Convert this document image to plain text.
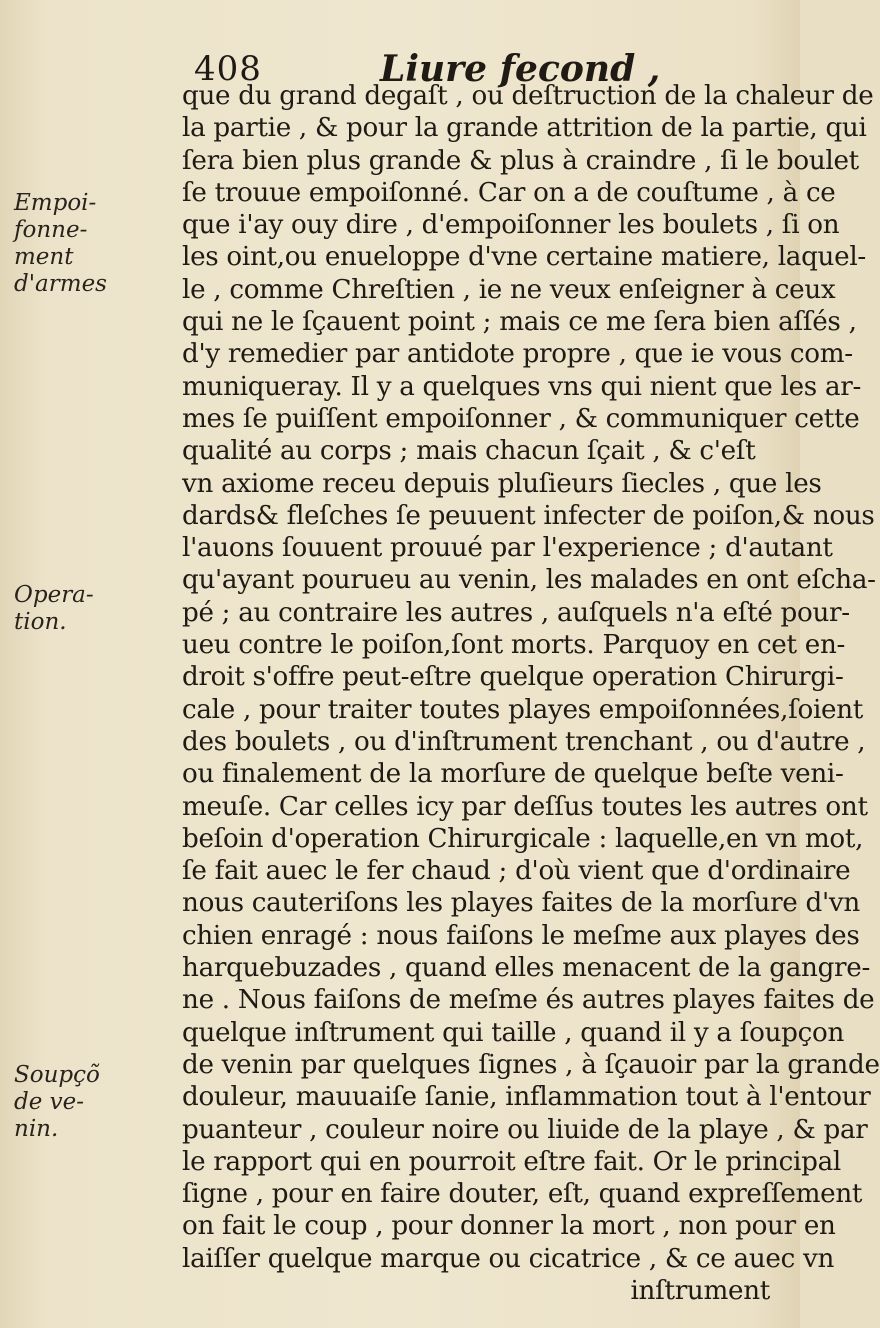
408	Liure fecond ,
Empoi-
fonne-
ment
d'armes
Opera-
tion.
Soupçõ
de ve-
nin.
que du grand degaſt , ou deſtruction de la chaleur de
la partie , & pour la grande attrition de la partie, qui
ſera bien plus grande & plus à craindre , ſi le boulet
ſe trouue empoiſonné. Car on a de couſtume , à ce
que i'ay ouy dire , d'empoiſonner les boulets , ſi on
les oint,ou enueloppe d'vne certaine matiere, laquel-
le , comme Chreſtien , ie ne veux enſeigner à ceux
qui ne le ſçauent point ; mais ce me ſera bien aſſés ,
d'y remedier par antidote propre , que ie vous com-
muniqueray. Il y a quelques vns qui nient que les ar-
mes ſe puiſſent empoiſonner , & communiquer cette
qualité au corps ; mais chacun ſçait , & c'eſt
vn axiome receu depuis pluſieurs ſiecles , que les
dards& fleſches ſe peuuent infecter de poiſon,& nous
l'auons ſouuent prouué par l'experience ; d'autant
qu'ayant pourueu au venin, les malades en ont eſcha-
pé ; au contraire les autres , auſquels n'a eſté pour-
ueu contre le poiſon,ſont morts. Parquoy en cet en-
droit s'offre peut-eſtre quelque operation Chirurgi-
cale , pour traiter toutes playes empoiſonnées,ſoient
des boulets , ou d'inſtrument trenchant , ou d'autre ,
ou finalement de la morſure de quelque beſte veni-
meuſe. Car celles icy par deſſus toutes les autres ont
beſoin d'operation Chirurgicale : laquelle,en vn mot,
ſe fait auec le fer chaud ; d'où vient que d'ordinaire
nous cauteriſons les playes faites de la morſure d'vn
chien enragé : nous faiſons le meſme aux playes des
harquebuzades , quand elles menacent de la gangre-
ne . Nous faiſons de meſme és autres playes faites de
quelque inſtrument qui taille , quand il y a ſoupçon
de venin par quelques ſignes , à ſçauoir par la grande
douleur, mauuaiſe ſanie, inflammation tout à l'entour
puanteur , couleur noire ou liuide de la playe , & par
le rapport qui en pourroit eſtre fait. Or le principal
ſigne , pour en faire douter, eſt, quand expreſſement
on fait le coup , pour donner la mort , non pour en
laiſſer quelque marque ou cicatrice , & ce auec vn
inſtrument
